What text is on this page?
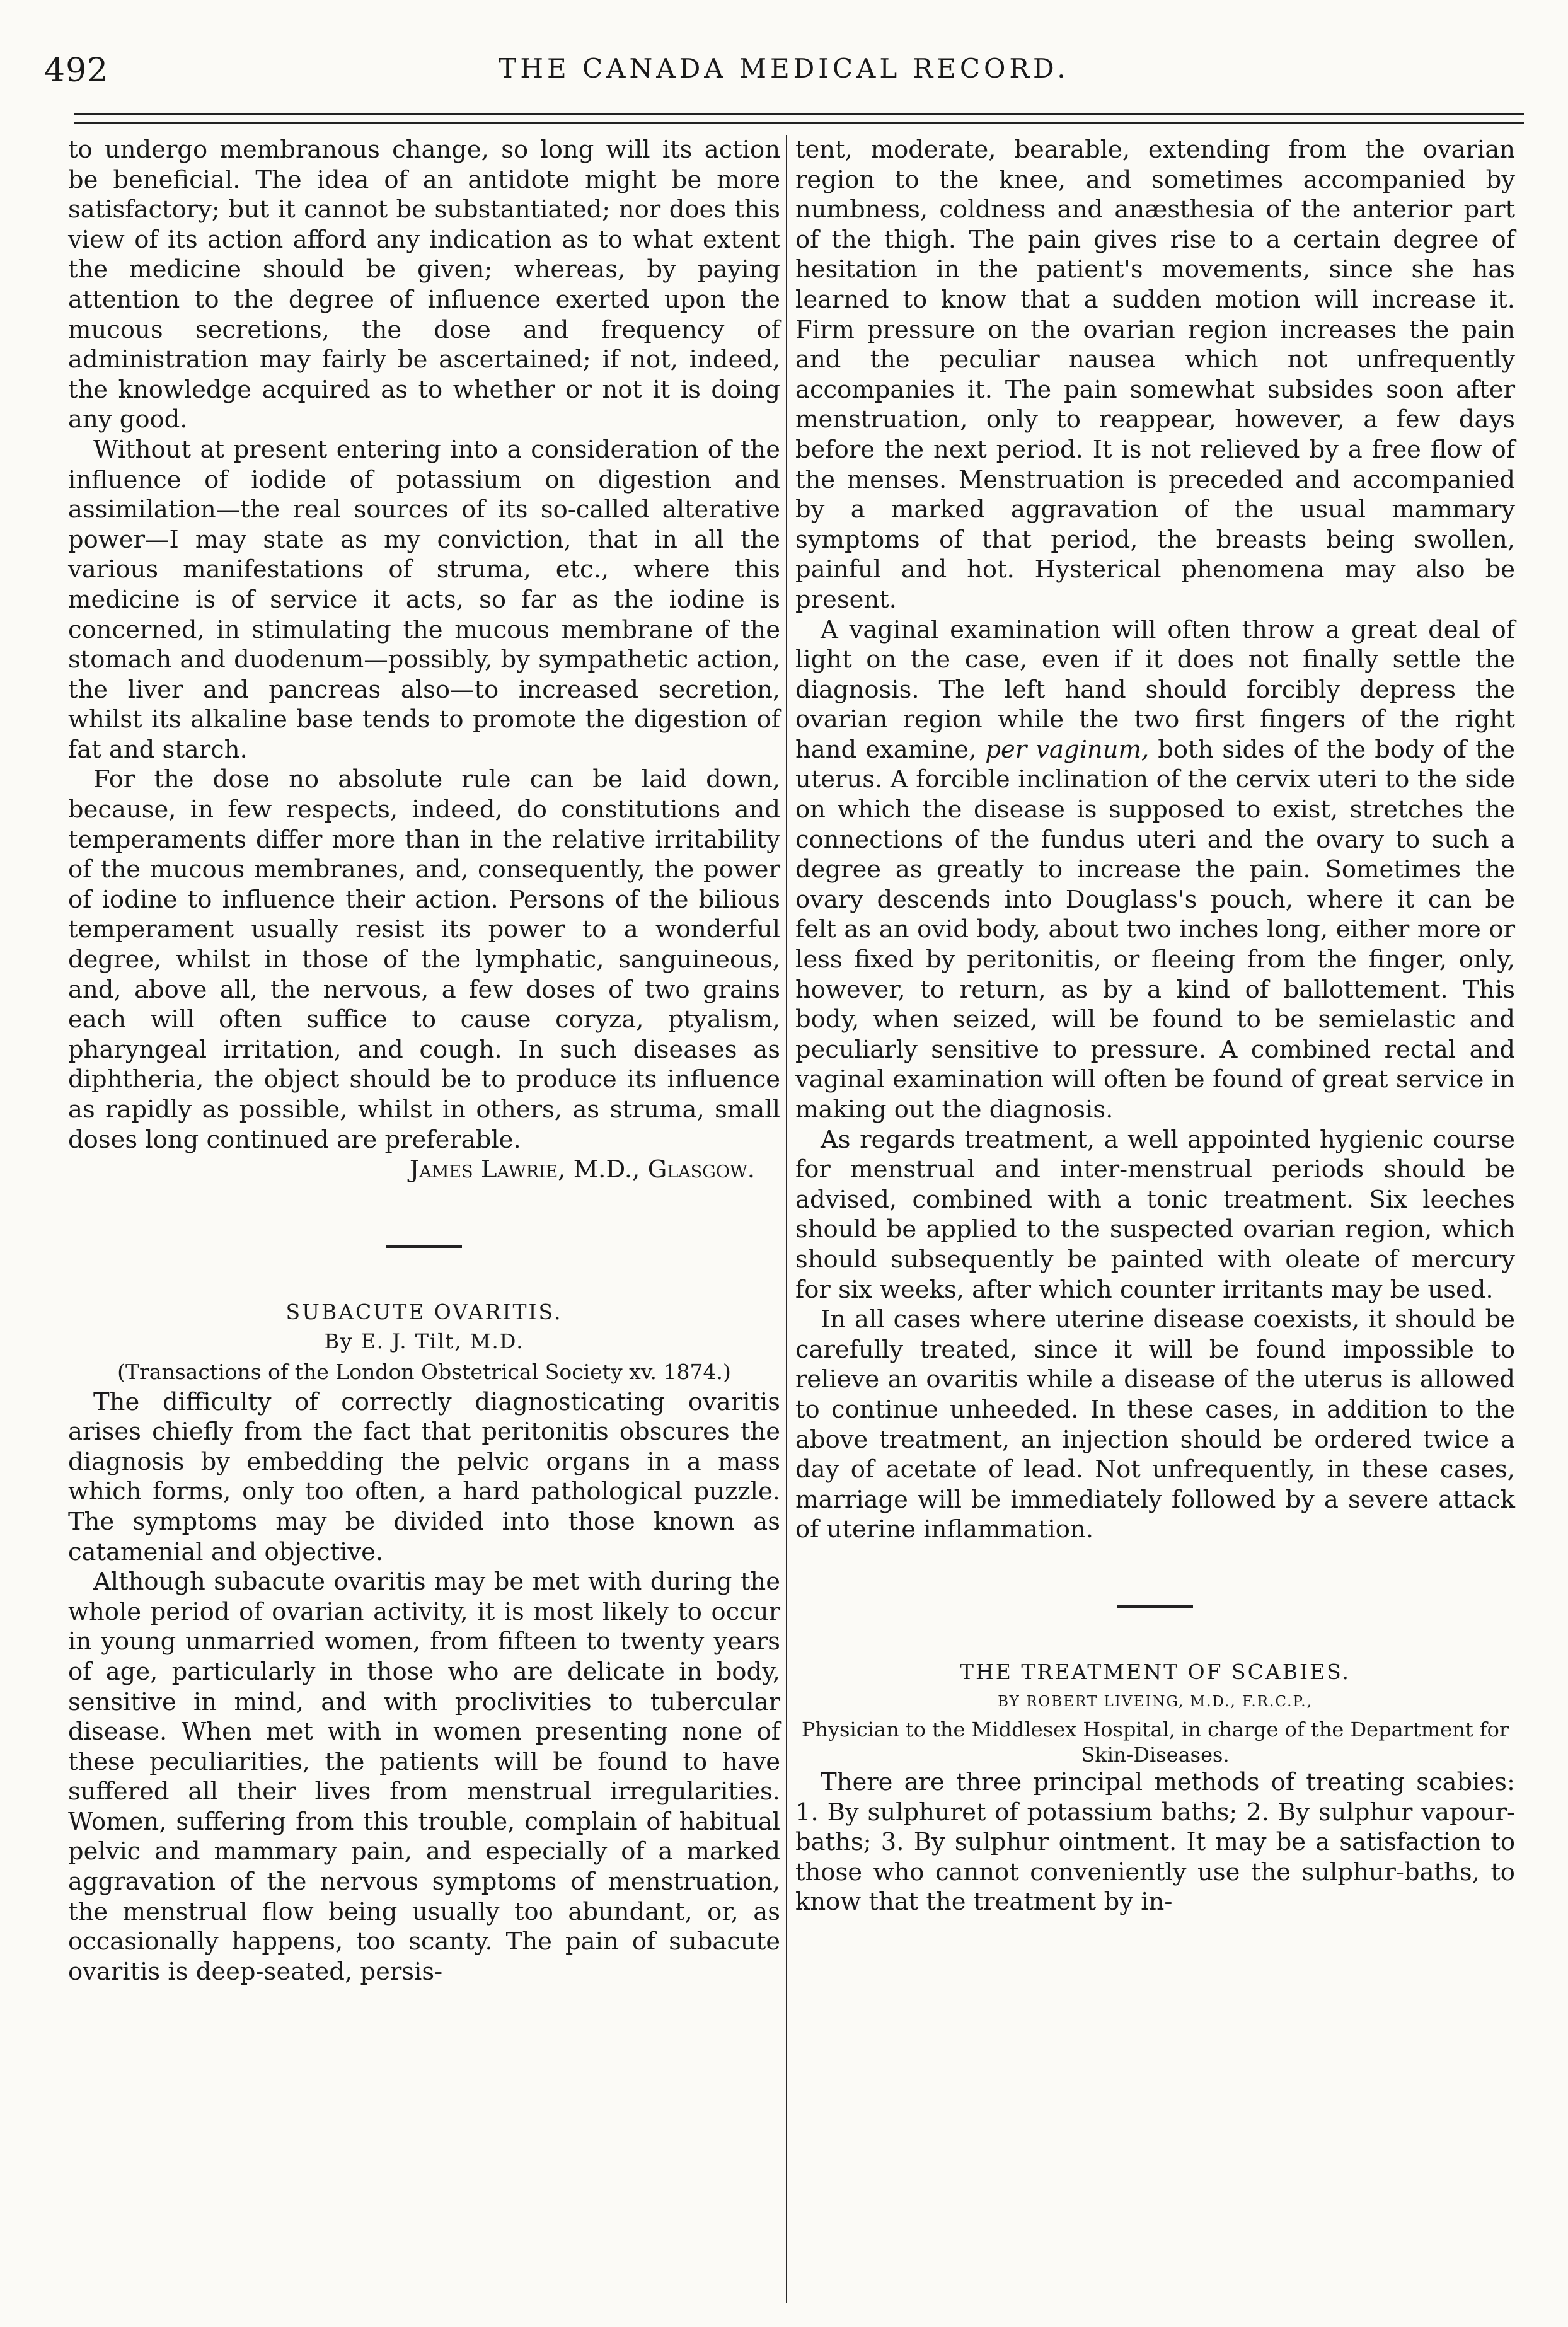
492	THE CANADA MEDICAL RECORD.

to undergo membranous change, so long will its action be beneficial. The idea of an antidote might be more satisfactory; but it cannot be substantiated; nor does this view of its action afford any indication as to what extent the medicine should be given; whereas, by paying attention to the degree of influence exerted upon the mucous secretions, the dose and frequency of administration may fairly be ascertained; if not, indeed, the knowledge acquired as to whether or not it is doing any good.

Without at present entering into a consideration of the influence of iodide of potassium on digestion and assimilation—the real sources of its so-called alterative power—I may state as my conviction, that in all the various manifestations of struma, etc., where this medicine is of service it acts, so far as the iodine is concerned, in stimulating the mucous membrane of the stomach and duodenum—possibly, by sympathetic action, the liver and pancreas also—to increased secretion, whilst its alkaline base tends to promote the digestion of fat and starch.

For the dose no absolute rule can be laid down, because, in few respects, indeed, do constitutions and temperaments differ more than in the relative irritability of the mucous membranes, and, consequently, the power of iodine to influence their action. Persons of the bilious temperament usually resist its power to a wonderful degree, whilst in those of the lymphatic, sanguineous, and, above all, the nervous, a few doses of two grains each will often suffice to cause coryza, ptyalism, pharyngeal irritation, and cough. In such diseases as diphtheria, the object should be to produce its influence as rapidly as possible, whilst in others, as struma, small doses long continued are preferable.

James Lawrie, M.D., Glasgow.

SUBACUTE OVARITIS.

By E. J. Tilt, M.D.

(Transactions of the London Obstetrical Society xv. 1874.)

The difficulty of correctly diagnosticating ovaritis arises chiefly from the fact that peritonitis obscures the diagnosis by embedding the pelvic organs in a mass which forms, only too often, a hard pathological puzzle. The symptoms may be divided into those known as catamenial and objective.

Although subacute ovaritis may be met with during the whole period of ovarian activity, it is most likely to occur in young unmarried women, from fifteen to twenty years of age, particularly in those who are delicate in body, sensitive in mind, and with proclivities to tubercular disease. When met with in women presenting none of these peculiarities, the patients will be found to have suffered all their lives from menstrual irregularities. Women, suffering from this trouble, complain of habitual pelvic and mammary pain, and especially of a marked aggravation of the nervous symptoms of menstruation, the menstrual flow being usually too abundant, or, as occasionally happens, too scanty. The pain of subacute ovaritis is deep-seated, persis-

tent, moderate, bearable, extending from the ovarian region to the knee, and sometimes accompanied by numbness, coldness and anæsthesia of the anterior part of the thigh. The pain gives rise to a certain degree of hesitation in the patient's movements, since she has learned to know that a sudden motion will increase it. Firm pressure on the ovarian region increases the pain and the peculiar nausea which not unfrequently accompanies it. The pain somewhat subsides soon after menstruation, only to reappear, however, a few days before the next period. It is not relieved by a free flow of the menses. Menstruation is preceded and accompanied by a marked aggravation of the usual mammary symptoms of that period, the breasts being swollen, painful and hot. Hysterical phenomena may also be present.

A vaginal examination will often throw a great deal of light on the case, even if it does not finally settle the diagnosis. The left hand should forcibly depress the ovarian region while the two first fingers of the right hand examine, per vaginum, both sides of the body of the uterus. A forcible inclination of the cervix uteri to the side on which the disease is supposed to exist, stretches the connections of the fundus uteri and the ovary to such a degree as greatly to increase the pain. Sometimes the ovary descends into Douglass's pouch, where it can be felt as an ovid body, about two inches long, either more or less fixed by peritonitis, or fleeing from the finger, only, however, to return, as by a kind of ballottement. This body, when seized, will be found to be semielastic and peculiarly sensitive to pressure. A combined rectal and vaginal examination will often be found of great service in making out the diagnosis.

As regards treatment, a well appointed hygienic course for menstrual and inter-menstrual periods should be advised, combined with a tonic treatment. Six leeches should be applied to the suspected ovarian region, which should subsequently be painted with oleate of mercury for six weeks, after which counter irritants may be used.

In all cases where uterine disease coexists, it should be carefully treated, since it will be found impossible to relieve an ovaritis while a disease of the uterus is allowed to continue unheeded. In these cases, in addition to the above treatment, an injection should be ordered twice a day of acetate of lead. Not unfrequently, in these cases, marriage will be immediately followed by a severe attack of uterine inflammation.

THE TREATMENT OF SCABIES.

BY ROBERT LIVEING, M.D., F.R.C.P.,

Physician to the Middlesex Hospital, in charge of the Department for Skin-Diseases.

There are three principal methods of treating scabies: 1. By sulphuret of potassium baths; 2. By sulphur vapour-baths; 3. By sulphur ointment. It may be a satisfaction to those who cannot conveniently use the sulphur-baths, to know that the treatment by in-
